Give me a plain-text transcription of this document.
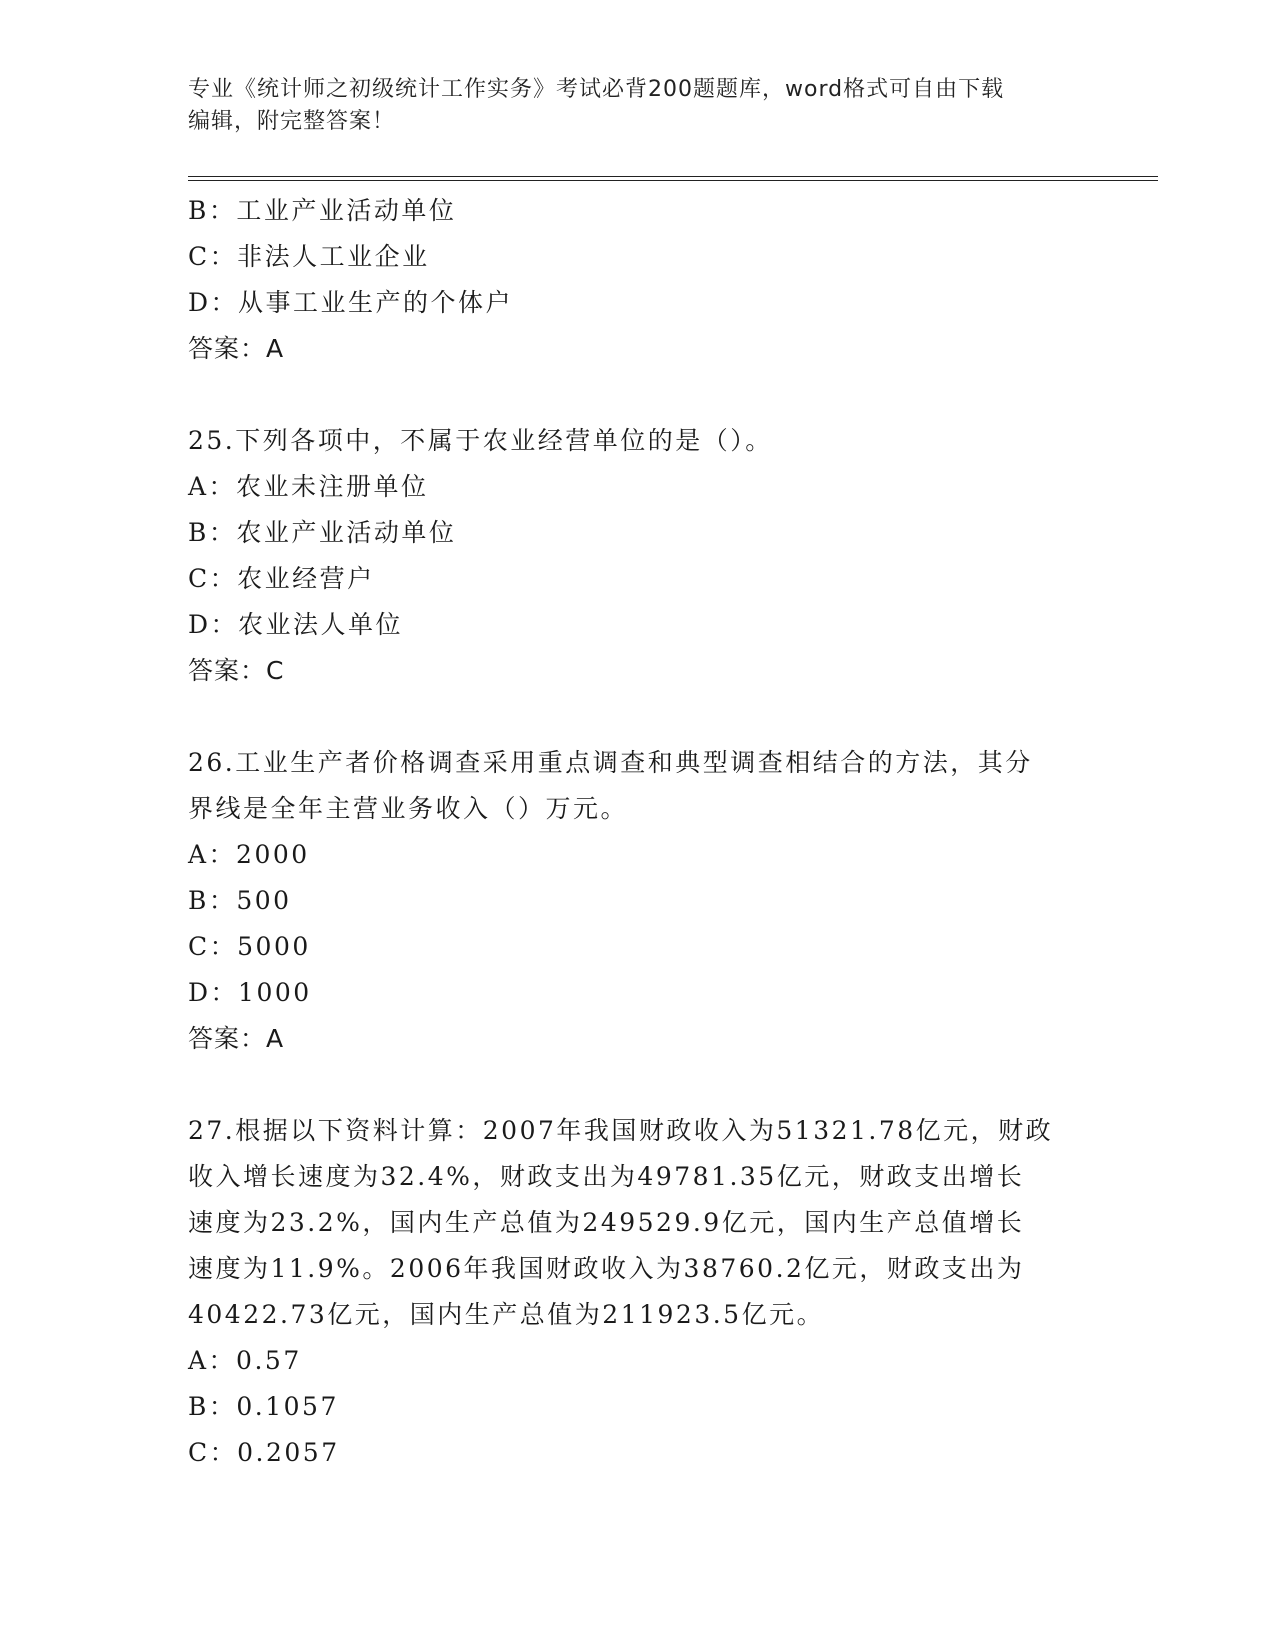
专业《统计师之初级统计工作实务》考试必背200题题库，word格式可自由下载
编辑，附完整答案！
B：工业产业活动单位
C：非法人工业企业
D：从事工业生产的个体户
答案：A
25.下列各项中，不属于农业经营单位的是（）。
A：农业未注册单位
B：农业产业活动单位
C：农业经营户
D：农业法人单位
答案：C
26.工业生产者价格调查采用重点调查和典型调查相结合的方法，其分
界线是全年主营业务收入（）万元。
A：2000
B：500
C：5000
D：1000
答案：A
27.根据以下资料计算：2007年我国财政收入为51321.78亿元，财政
收入增长速度为32.4%，财政支出为49781.35亿元，财政支出增长
速度为23.2%，国内生产总值为249529.9亿元，国内生产总值增长
速度为11.9%。2006年我国财政收入为38760.2亿元，财政支出为
40422.73亿元，国内生产总值为211923.5亿元。
A：0.57
B：0.1057
C：0.2057
